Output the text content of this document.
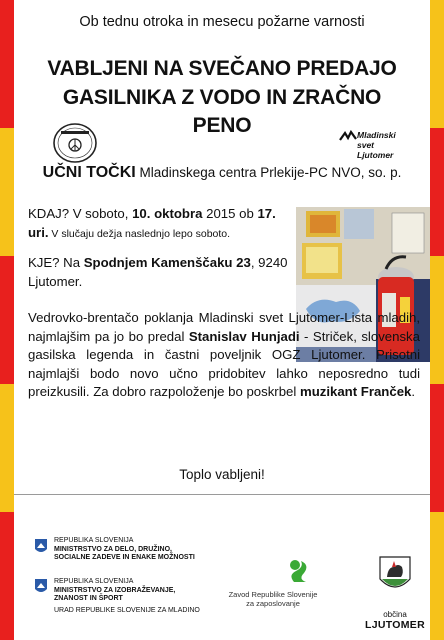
Ob tednu otroka in mesecu požarne varnosti
VABLJENI NA SVEČANO PREDAJO
GASILNIKA Z VODO IN ZRAČNO
PENO	Mladinski svet
Ljutomer
UČNI TOČKI Mladinskega centra Prlekije-PC NVO, so. p.
KDAJ? V soboto, 10. oktobra 2015 ob 17. uri. V slučaju dežja naslednjo lepo soboto.
KJE? Na Spodnjem Kamenščaku 23, 9240 Ljutomer.
Vedrovko-brentačo poklanja Mladinski svet Ljutomer-Lista mladih, najmlajšim pa jo bo predal Stanislav Hunjadi - Striček, slovenska gasilska legenda in častni poveljnik OGZ Ljutomer. Prisotni najmlajši bodo novo učno pridobitev lahko neposredno tudi preizkusili. Za dobro razpoloženje bo poskrbel muzikant Franček.
Toplo vabljeni!
REPUBLIKA SLOVENIJA
MINISTRSTVO ZA DELO, DRUŽINO,
SOCIALNE ZADEVE IN ENAKE MOŽNOSTI
REPUBLIKA SLOVENIJA
MINISTRSTVO ZA IZOBRAŽEVANJE,
ZNANOST IN ŠPORT
URAD REPUBLIKE SLOVENIJE ZA MLADINO
Zavod Republike Slovenije
za zaposlovanje
občina
LJUTOMER
